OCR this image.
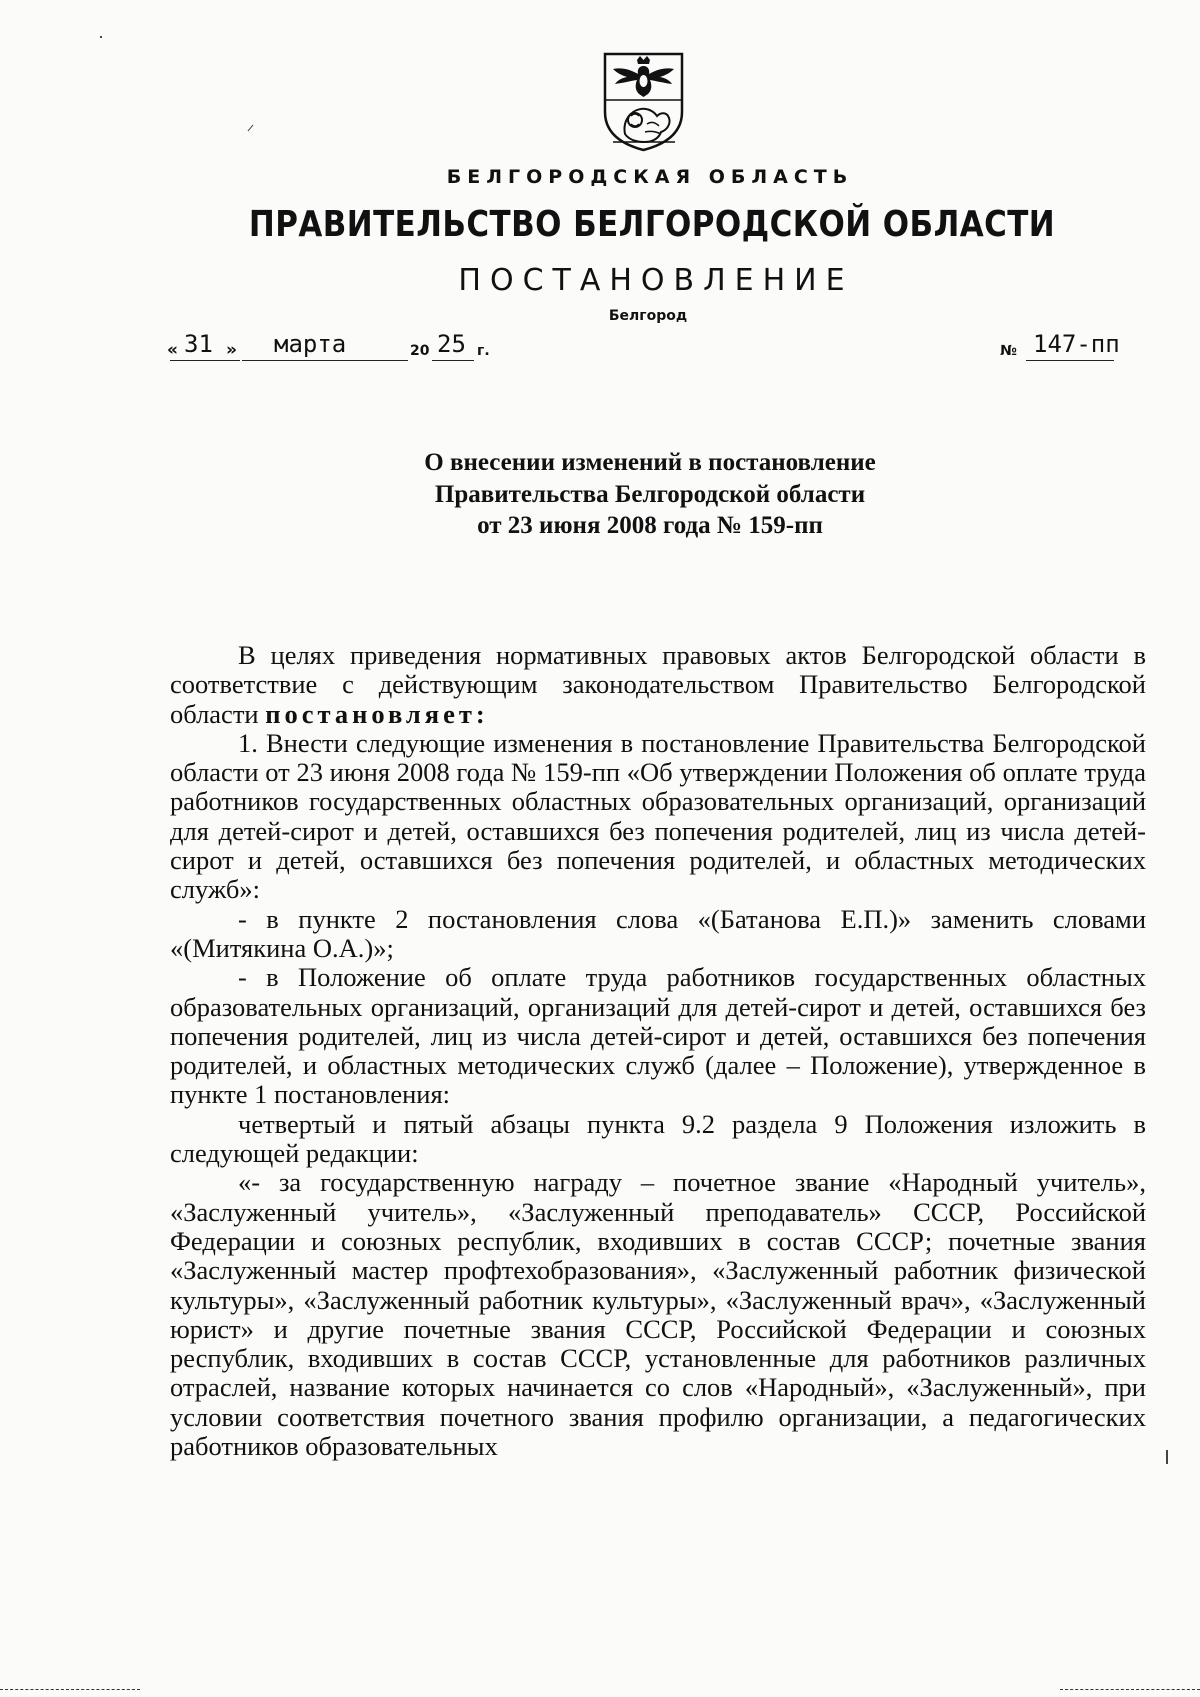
БЕЛГОРОДСКАЯ ОБЛАСТЬ
ПРАВИТЕЛЬСТВО БЕЛГОРОДСКОЙ ОБЛАСТИ
ПОСТАНОВЛЕНИЕ
Белгород
« 31 » марта	20 25 г.	№ 147-пп
О внесении изменений в постановление
Правительства Белгородской области
от 23 июня 2008 года № 159-пп

В целях приведения нормативных правовых актов Белгородской области в соответствие с действующим законодательством Правительство Белгородской области постановляет:

1. Внести следующие изменения в постановление Правительства Белгородской области от 23 июня 2008 года № 159-пп «Об утверждении Положения об оплате труда работников государственных областных образовательных организаций, организаций для детей-сирот и детей, оставшихся без попечения родителей, лиц из числа детей-сирот и детей, оставшихся без попечения родителей, и областных методических служб»:

- в пункте 2 постановления слова «(Батанова Е.П.)» заменить словами «(Митякина О.А.)»;

- в Положение об оплате труда работников государственных областных образовательных организаций, организаций для детей-сирот и детей, оставшихся без попечения родителей, лиц из числа детей-сирот и детей, оставшихся без попечения родителей, и областных методических служб (далее – Положение), утвержденное в пункте 1 постановления:

четвертый и пятый абзацы пункта 9.2 раздела 9 Положения изложить в следующей редакции:

«- за государственную награду – почетное звание «Народный учитель», «Заслуженный учитель», «Заслуженный преподаватель» СССР, Российской Федерации и союзных республик, входивших в состав СССР; почетные звания «Заслуженный мастер профтехобразования», «Заслуженный работник физической культуры», «Заслуженный работник культуры», «Заслуженный врач», «Заслуженный юрист» и другие почетные звания СССР, Российской Федерации и союзных республик, входивших в состав СССР, установленные для работников различных отраслей, название которых начинается со слов «Народный», «Заслуженный», при условии соответствия почетного звания профилю организации, а педагогических работников образовательных
